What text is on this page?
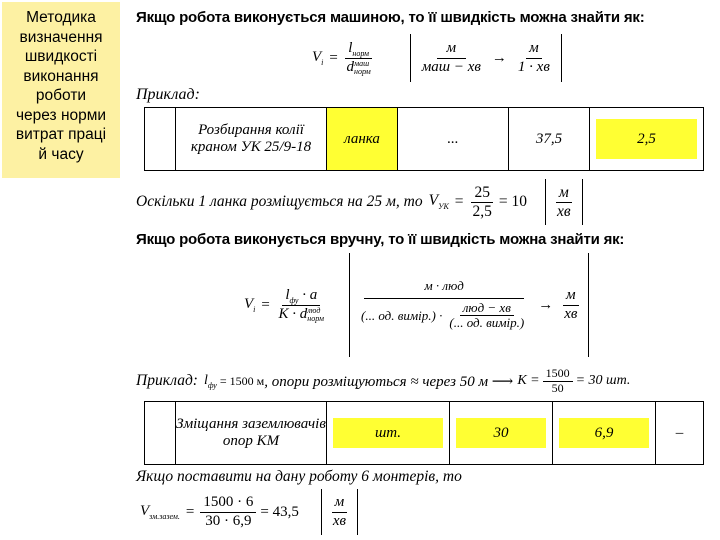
Методика
визначення
швидкості
виконання
роботи
через норми
витрат праці
й часу
Якщо робота виконується машиною, то її швидкість можна знайти як:
$V_i = l_{норм}$
d маш
норм	$\frac{м}{\text{маш − хв}} \to \frac{м}{1 \cdot хв}$
Приклад:
	Розбирання колії краном УК 25/9-18	ланка	...	37,5	2,5
Оскільки 1 ланка розміщується на 25 м, то $V_{УК} = \frac{25}{2,5} = 10 \frac{м}{хв}$
Якщо робота виконується вручну, то її швидкість можна знайти як:
$V_i = l_{фу} \cdot a$
K · d люд
норм
м · люд
(... од. вимір.) · $\frac{\text{люд − хв}}{\text{(... од. вимір.)}} \to \frac{м}{хв}$
Приклад: $l_{фу} = 1500$ м , опори розміщуються ≈ через 50 м ⟶ $K = \frac{1500}{50} = 30$ шт.
	Зміщання заземлювачів опор КМ	шт.	30	6,9	–
Якщо поставити на дану роботу 6 монтерів, то
$V_{зм.зазем.} = \frac{1500 \cdot 6}{30 \cdot 6,9} = 43,5 \frac{м}{хв}$
